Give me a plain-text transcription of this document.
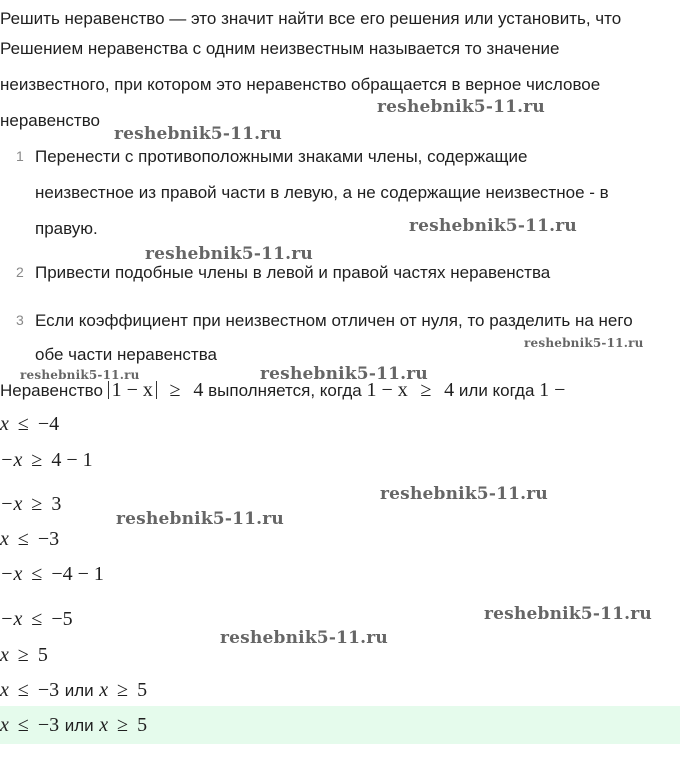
Решить неравенство — это значит найти все его решения или установить, что
Решением неравенства с одним неизвестным называется то значение
неизвестного, при котором это неравенство обращается в верное числовое
неравенство
1 Перенести с противоположными знаками члены, содержащие
неизвестное из правой части в левую, а не содержащие неизвестное - в
правую.
2 Привести подобные члены в левой и правой частях неравенства
3 Если коэффициент при неизвестном отличен от нуля, то разделить на него
обе части неравенства
Неравенство 1 − x ≥ 4 выполняется, когда 1 − x ≥ 4 или когда 1 −
x ≤ −4
−x ≥ 4 − 1
−x ≥ 3
x ≤ −3
−x ≤ −4 − 1
−x ≤ −5
x ≥ 5
x ≤ −3 или x ≥ 5
x ≤ −3 или x ≥ 5
reshebnik5-11.ru
reshebnik5-11.ru
reshebnik5-11.ru
reshebnik5-11.ru
reshebnik5-11.ru
reshebnik5-11.ru	reshebnik5-11.ru
reshebnik5-11.ru
reshebnik5-11.ru
reshebnik5-11.ru
reshebnik5-11.ru
